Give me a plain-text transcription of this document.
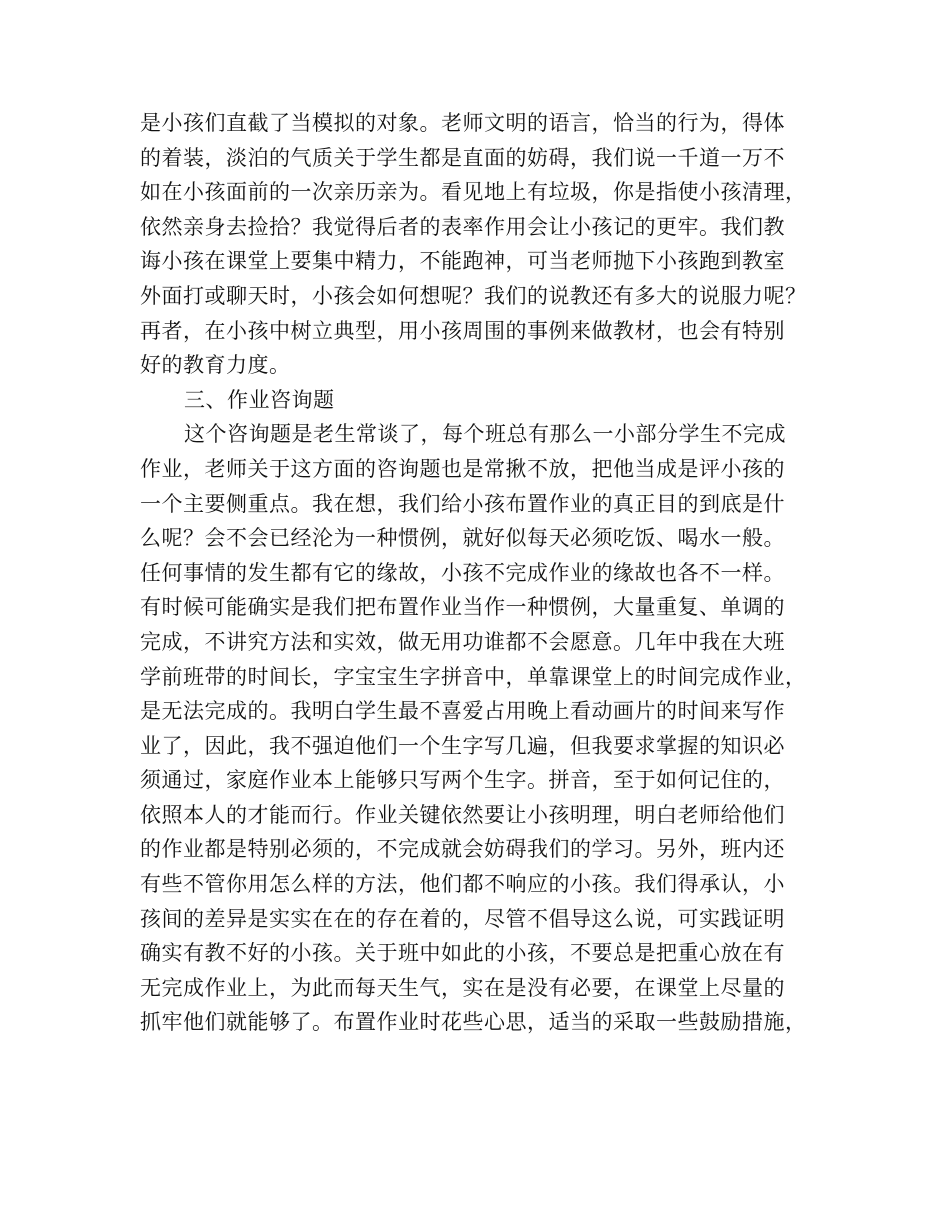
是小孩们直截了当模拟的对象。老师文明的语言，恰当的行为，得体
的着装，淡泊的气质关于学生都是直面的妨碍，我们说一千道一万不
如在小孩面前的一次亲历亲为。看见地上有垃圾，你是指使小孩清理，
依然亲身去捡拾？我觉得后者的表率作用会让小孩记的更牢。我们教
诲小孩在课堂上要集中精力，不能跑神，可当老师抛下小孩跑到教室
外面打或聊天时，小孩会如何想呢？我们的说教还有多大的说服力呢？
再者，在小孩中树立典型，用小孩周围的事例来做教材，也会有特别
好的教育力度。
三、作业咨询题
这个咨询题是老生常谈了，每个班总有那么一小部分学生不完成
作业，老师关于这方面的咨询题也是常揪不放，把他当成是评小孩的
一个主要侧重点。我在想，我们给小孩布置作业的真正目的到底是什
么呢？会不会已经沦为一种惯例，就好似每天必须吃饭、喝水一般。
任何事情的发生都有它的缘故，小孩不完成作业的缘故也各不一样。
有时候可能确实是我们把布置作业当作一种惯例，大量重复、单调的
完成，不讲究方法和实效，做无用功谁都不会愿意。几年中我在大班
学前班带的时间长，字宝宝生字拼音中，单靠课堂上的时间完成作业，
是无法完成的。我明白学生最不喜爱占用晚上看动画片的时间来写作
业了，因此，我不强迫他们一个生字写几遍，但我要求掌握的知识必
须通过，家庭作业本上能够只写两个生字。拼音，至于如何记住的，
依照本人的才能而行。作业关键依然要让小孩明理，明白老师给他们
的作业都是特别必须的，不完成就会妨碍我们的学习。另外，班内还
有些不管你用怎么样的方法，他们都不响应的小孩。我们得承认，小
孩间的差异是实实在在的存在着的，尽管不倡导这么说，可实践证明
确实有教不好的小孩。关于班中如此的小孩，不要总是把重心放在有
无完成作业上，为此而每天生气，实在是没有必要，在课堂上尽量的
抓牢他们就能够了。布置作业时花些心思，适当的采取一些鼓励措施，
